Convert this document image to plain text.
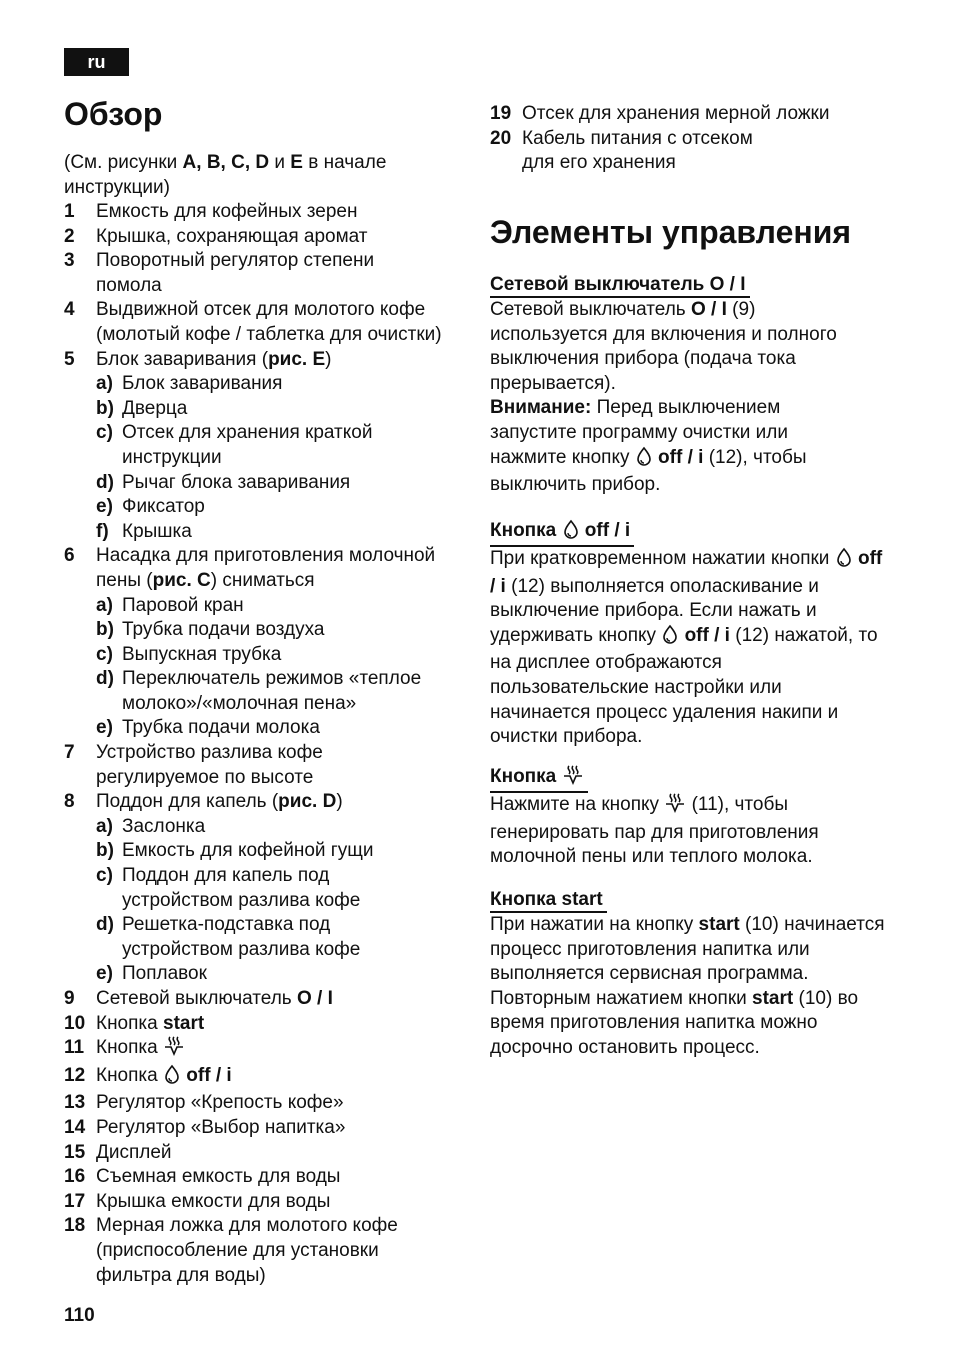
ru
Обзор

(См. рисунки A, B, C, D и E в начале инструкции)

1	Емкость для кофейных зерен
2	Крышка, сохраняющая аромат
3	Поворотный регулятор степени помола
4	Выдвижной отсек для молотого кофе (молотый кофе / таблетка для очистки)
5	Блок заваривания (рис. E)
a) Блок заваривания
b) Дверца
c) Отсек для хранения краткой инструкции
d) Рычаг блока заваривания
e) Фиксатор
f) Крышка
6	Насадка для приготовления молочной пены (рис. C) сниматься
a) Паровой кран
b) Трубка подачи воздуха
c) Выпускная трубка
d) Переключатель режимов «теплое молоко»/«молочная пена»
e) Трубка подачи молока
7	Устройство разлива кофе регулируемое по высоте
8	Поддон для капель (рис. D)
a) Заслонка
b) Емкость для кофейной гущи
c) Поддон для капель под устройством разлива кофе
d) Решетка-подставка под устройством разлива кофе
e) Поплавок
9	Сетевой выключатель O / I
10 Кнопка start
11 Кнопка
12 Кнопка  off / i
13 Регулятор «Крепость кофе»
14 Регулятор «Выбор напитка»
15 Дисплей
16 Съемная емкость для воды
17 Крышка емкости для воды
18 Мерная ложка для молотого кофе (приспособление для установки фильтра для воды)
19 Отсек для хранения мерной ложки
20 Кабель питания с отсеком для его хранения
Элементы управления
Сетевой выключатель O / I

Сетевой выключатель O / I (9) используется для включения и полного выключения прибора (подача тока прерывается).

Внимание: Перед выключением запустите программу очистки или нажмите кнопку  off / i (12), чтобы выключить прибор.

Кнопка  off / i

При кратковременном нажатии кнопки  off / i (12) выполняется ополаскивание и выключение прибора. Если нажать и удерживать кнопку  off / i (12) нажатой, то на дисплее отображаются пользовательские настройки или начинается процесс удаления накипи и очистки прибора.

Кнопка

Нажмите на кнопку  (11), чтобы генерировать пар для приготовления молочной пены или теплого молока.

Кнопка start

При нажатии на кнопку start (10) начинается процесс приготовления напитка или выполняется сервисная программа. Повторным нажатием кнопки start (10) во время приготовления напитка можно досрочно остановить процесс.

110
